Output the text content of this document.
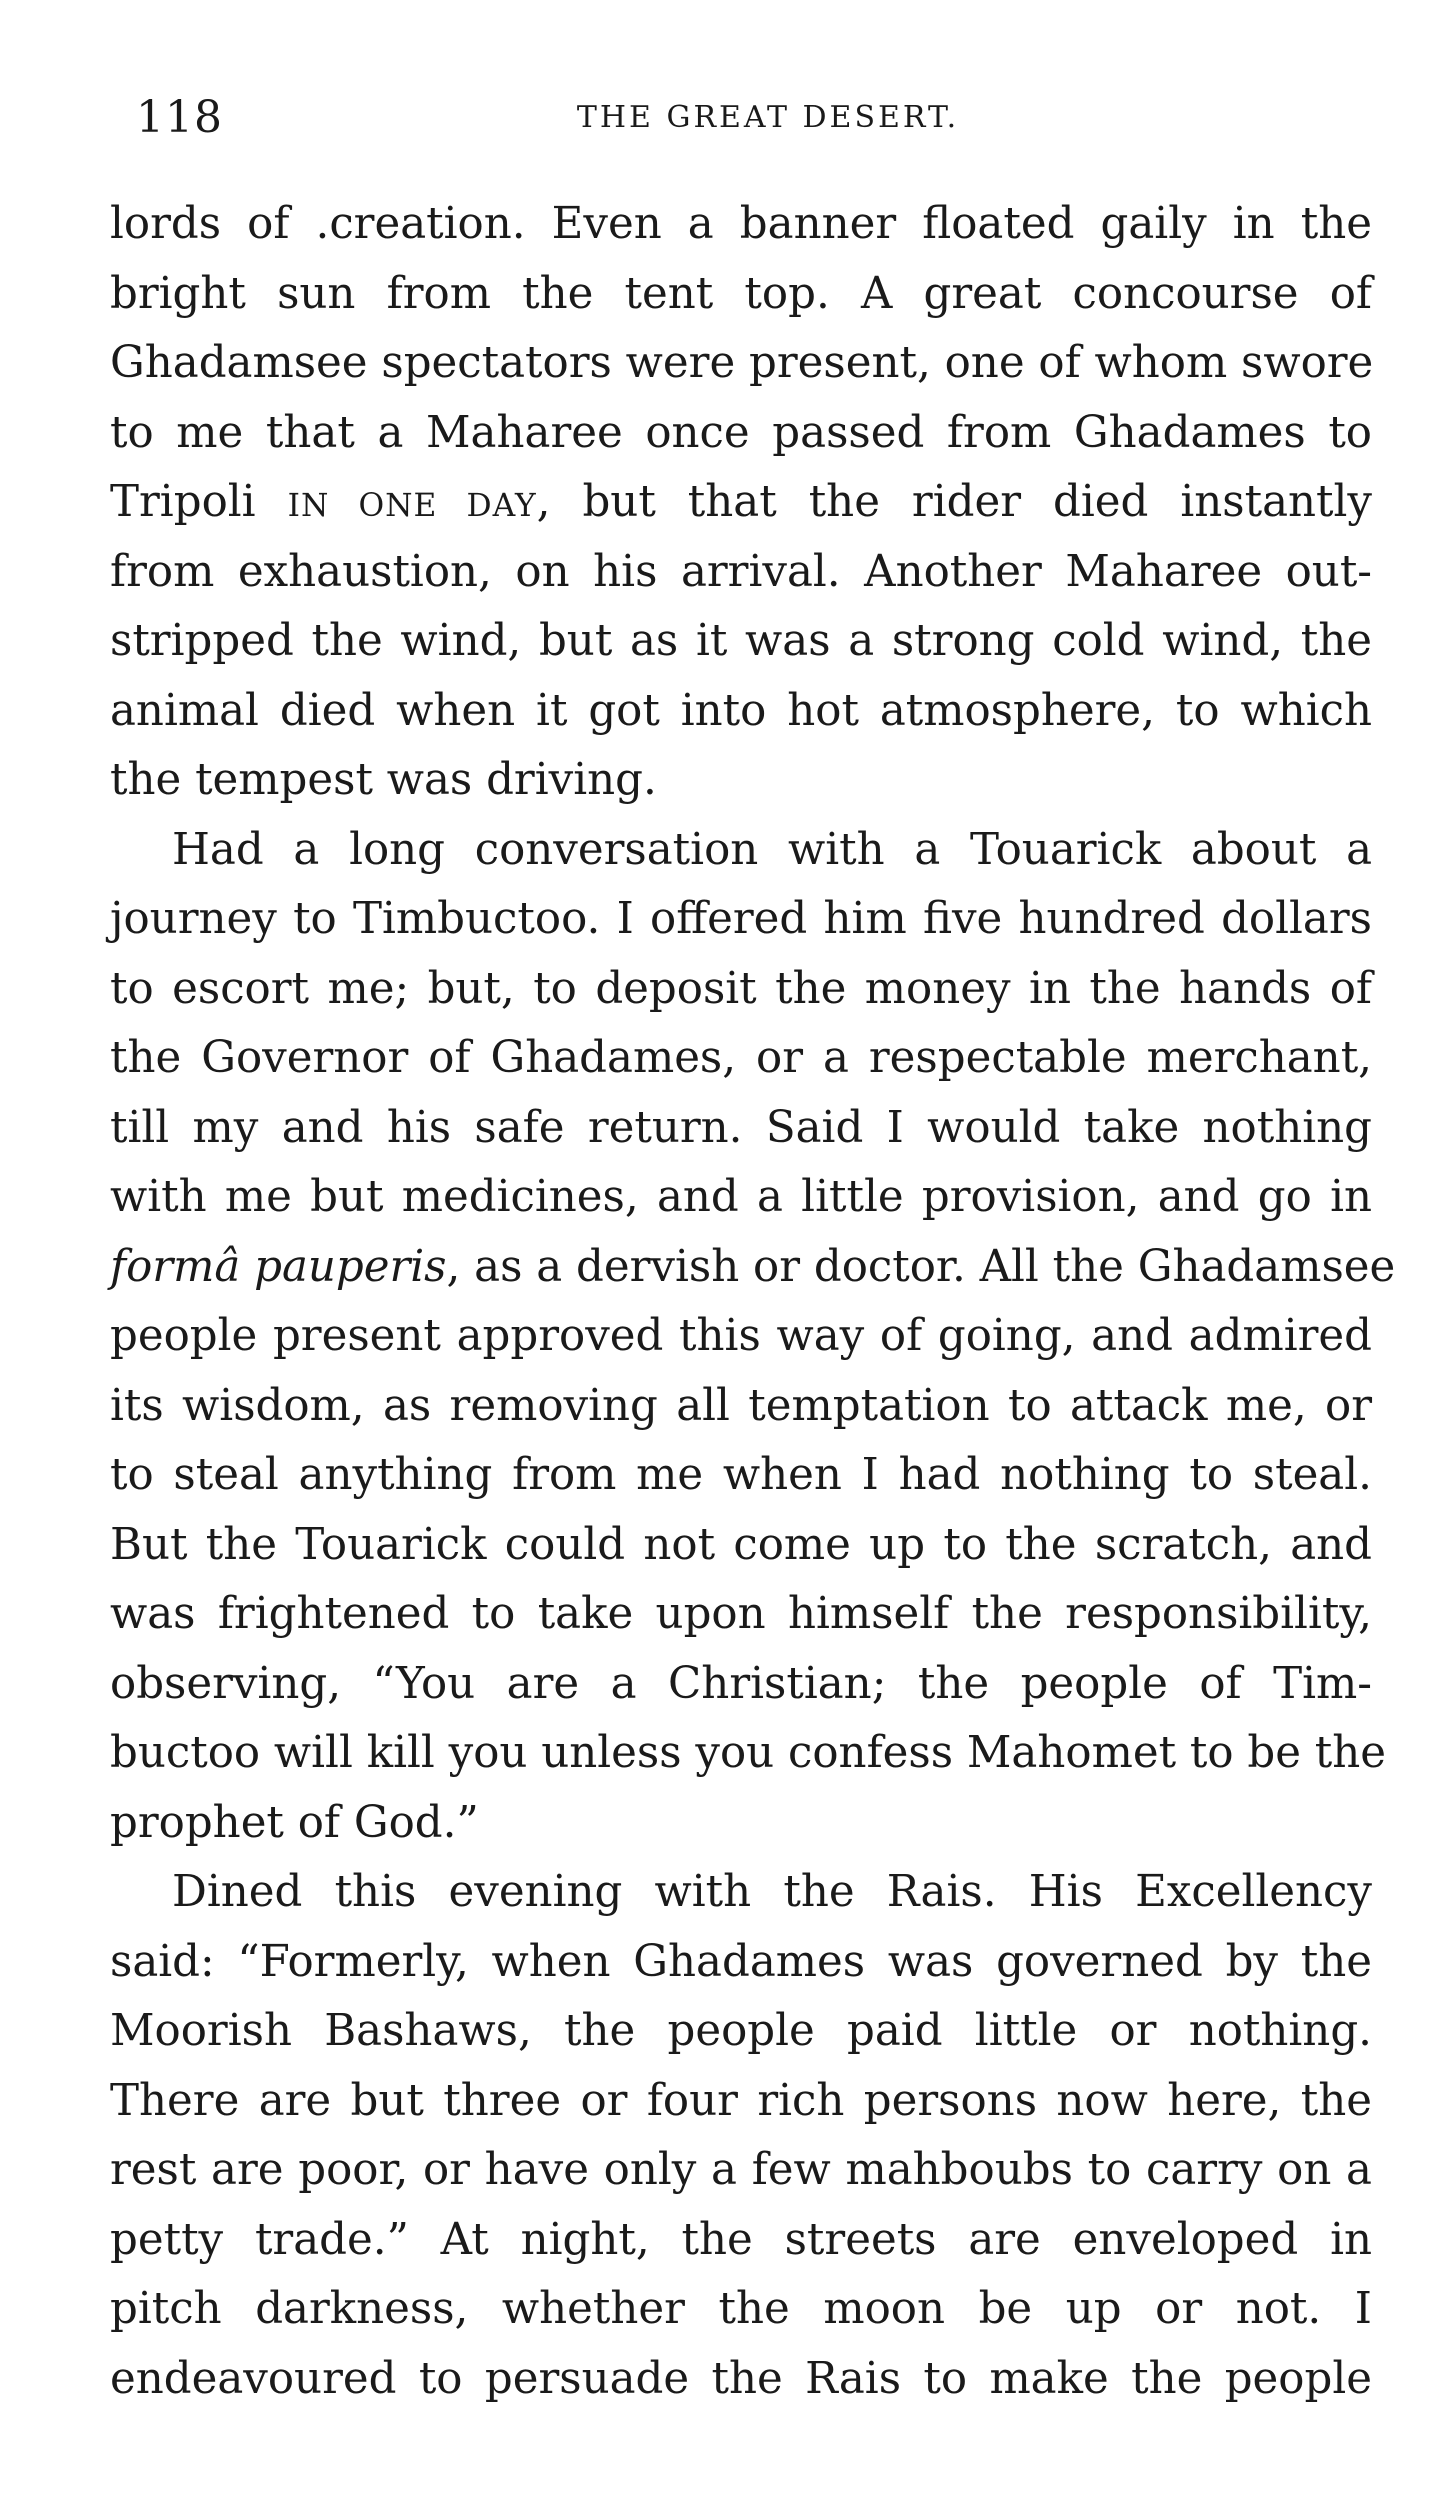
118	THE GREAT DESERT.
lords of .creation. Even a banner floated gaily in the
bright sun from the tent top. A great concourse of
Ghadamsee spectators were present, one of whom swore
to me that a Maharee once passed from Ghadames to
Tripoli IN ONE DAY, but that the rider died instantly
from exhaustion, on his arrival. Another Maharee out-
stripped the wind, but as it was a strong cold wind, the
animal died when it got into hot atmosphere, to which
the tempest was driving.
Had a long conversation with a Touarick about a
journey to Timbuctoo. I offered him five hundred dollars
to escort me; but, to deposit the money in the hands of
the Governor of Ghadames, or a respectable merchant,
till my and his safe return. Said I would take nothing
with me but medicines, and a little provision, and go in
formâ pauperis, as a dervish or doctor. All the Ghadamsee
people present approved this way of going, and admired
its wisdom, as removing all temptation to attack me, or
to steal anything from me when I had nothing to steal.
But the Touarick could not come up to the scratch, and
was frightened to take upon himself the responsibility,
observing, “You are a Christian; the people of Tim-
buctoo will kill you unless you confess Mahomet to be the
prophet of God.”
Dined this evening with the Rais. His Excellency
said: “Formerly, when Ghadames was governed by the
Moorish Bashaws, the people paid little or nothing.
There are but three or four rich persons now here, the
rest are poor, or have only a few mahboubs to carry on a
petty trade.” At night, the streets are enveloped in
pitch darkness, whether the moon be up or not. I
endeavoured to persuade the Rais to make the people
